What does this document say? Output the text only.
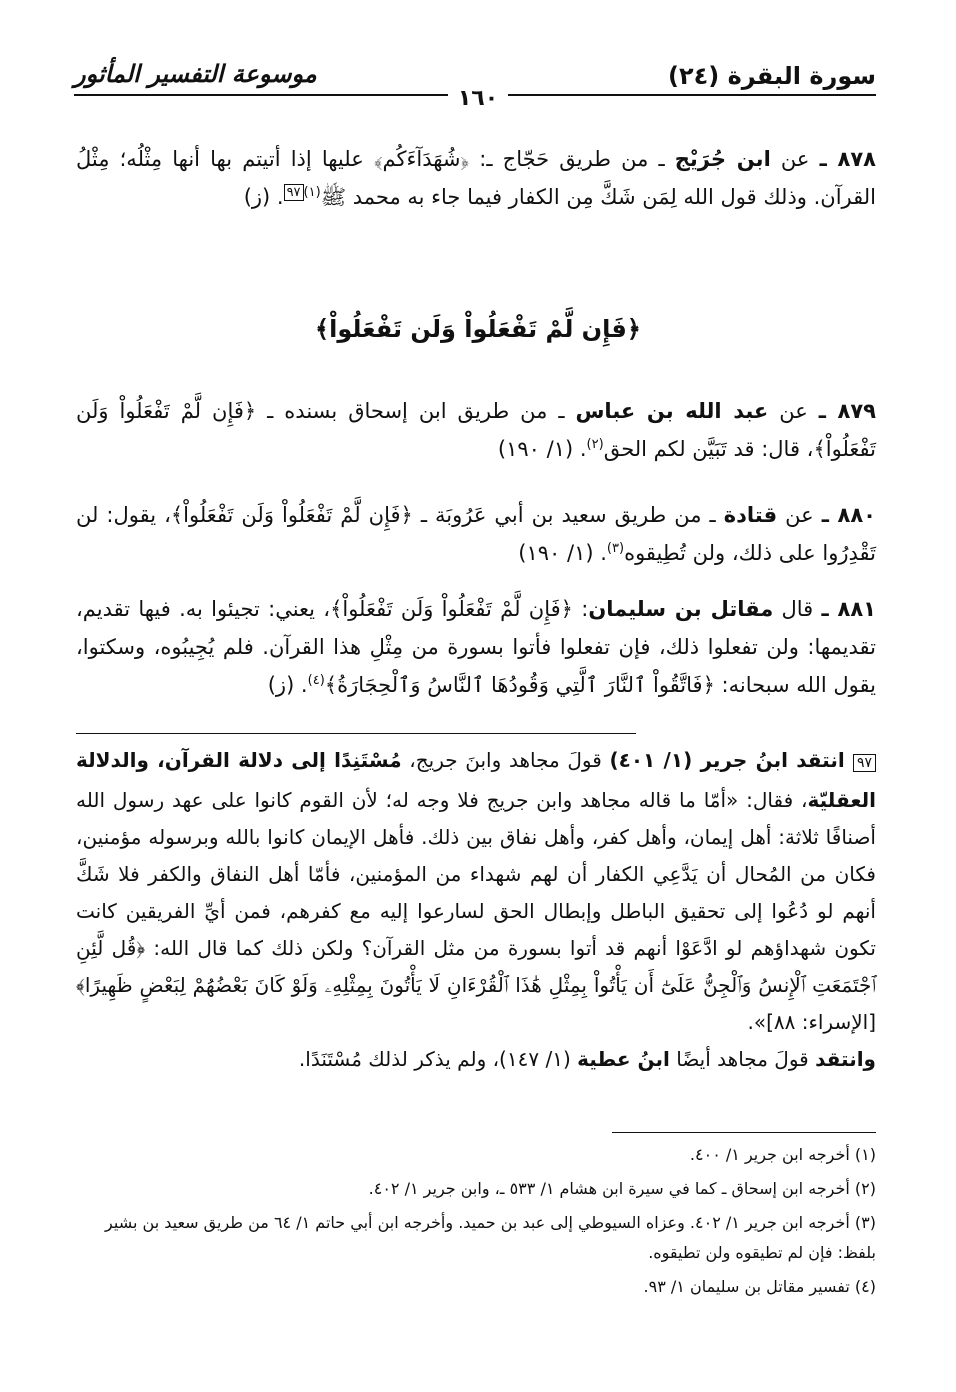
سورة البقرة (٢٤)
موسوعة التفسير المأثور
١٦٠
٨٧٨ ـ عن ابن جُرَيْج ـ من طريق حَجّاج ـ: ﴿شُهَدَآءَكُم﴾ عليها إذا أتيتم بها أنها مِثْلُه؛ مِثْلُ القرآن. وذلك قول الله لِمَن شَكَّ مِن الكفار فيما جاء به محمد ﷺ$^{(١)٩٧}$. (ز)
﴿فَإِن لَّمْ تَفْعَلُواْ وَلَن تَفْعَلُواْ﴾
٨٧٩ ـ عن عبد الله بن عباس ـ من طريق ابن إسحاق بسنده ـ ﴿فَإِن لَّمْ تَفْعَلُواْ وَلَن تَفْعَلُواْ﴾، قال: قد تَبَيَّن لكم الحق$^{(٢)}$. (١/ ١٩٠)
٨٨٠ ـ عن قتادة ـ من طريق سعيد بن أبي عَرُوبَة ـ ﴿فَإِن لَّمْ تَفْعَلُواْ وَلَن تَفْعَلُواْ﴾، يقول: لن تَقْدِرُوا على ذلك، ولن تُطِيقوه$^{(٣)}$. (١/ ١٩٠)
٨٨١ ـ قال مقاتل بن سليمان: ﴿فَإِن لَّمْ تَفْعَلُواْ وَلَن تَفْعَلُواْ﴾، يعني: تجيئوا به. فيها تقديم، تقديمها: ولن تفعلوا ذلك، فإن تفعلوا فأتوا بسورة من مِثْلِ هذا القرآن. فلم يُجِيبُوه، وسكتوا، يقول الله سبحانه: ﴿فَاتَّقُواْ ٱلنَّارَ ٱلَّتِي وَقُودُهَا ٱلنَّاسُ وَٱلْحِجَارَةُ﴾$^{(٤)}$. (ز)
٩٧ انتقد ابنُ جرير (١/ ٤٠١) قولَ مجاهد وابنَ جريج، مُسْتَنِدًا إلى دلالة القرآن، والدلالة العقليّة، فقال: «أمّا ما قاله مجاهد وابن جريج فلا وجه له؛ لأن القوم كانوا على عهد رسول الله أصنافًا ثلاثة: أهل إيمان، وأهل كفر، وأهل نفاق بين ذلك. فأهل الإيمان كانوا بالله وبرسوله مؤمنين، فكان من المُحال أن يَدَّعِي الكفار أن لهم شهداء من المؤمنين، فأمّا أهل النفاق والكفر فلا شَكَّ أنهم لو دُعُوا إلى تحقيق الباطل وإبطال الحق لسارعوا إليه مع كفرهم، فمن أيِّ الفريقين كانت تكون شهداؤهم لو ادَّعَوْا أنهم قد أتوا بسورة من مثل القرآن؟ ولكن ذلك كما قال الله: ﴿قُل لَّئِنِ ٱجْتَمَعَتِ ٱلْإِنسُ وَٱلْجِنُّ عَلَىٰٓ أَن يَأْتُواْ بِمِثْلِ هَٰذَا ٱلْقُرْءَانِ لَا يَأْتُونَ بِمِثْلِهِۦ وَلَوْ كَانَ بَعْضُهُمْ لِبَعْضٍ ظَهِيرًا﴾ [الإسراء: ٨٨]».
وانتقد قولَ مجاهد أيضًا ابنُ عطية (١/ ١٤٧)، ولم يذكر لذلك مُسْتَنَدًا.
(١) أخرجه ابن جرير ١/ ٤٠٠.
(٢) أخرجه ابن إسحاق ـ كما في سيرة ابن هشام ١/ ٥٣٣ ـ، وابن جرير ١/ ٤٠٢.
(٣) أخرجه ابن جرير ١/ ٤٠٢. وعزاه السيوطي إلى عبد بن حميد. وأخرجه ابن أبي حاتم ١/ ٦٤ من طريق سعيد بن بشير بلفظ: فإن لم تطيقوه ولن تطيقوه.
(٤) تفسير مقاتل بن سليمان ١/ ٩٣.
